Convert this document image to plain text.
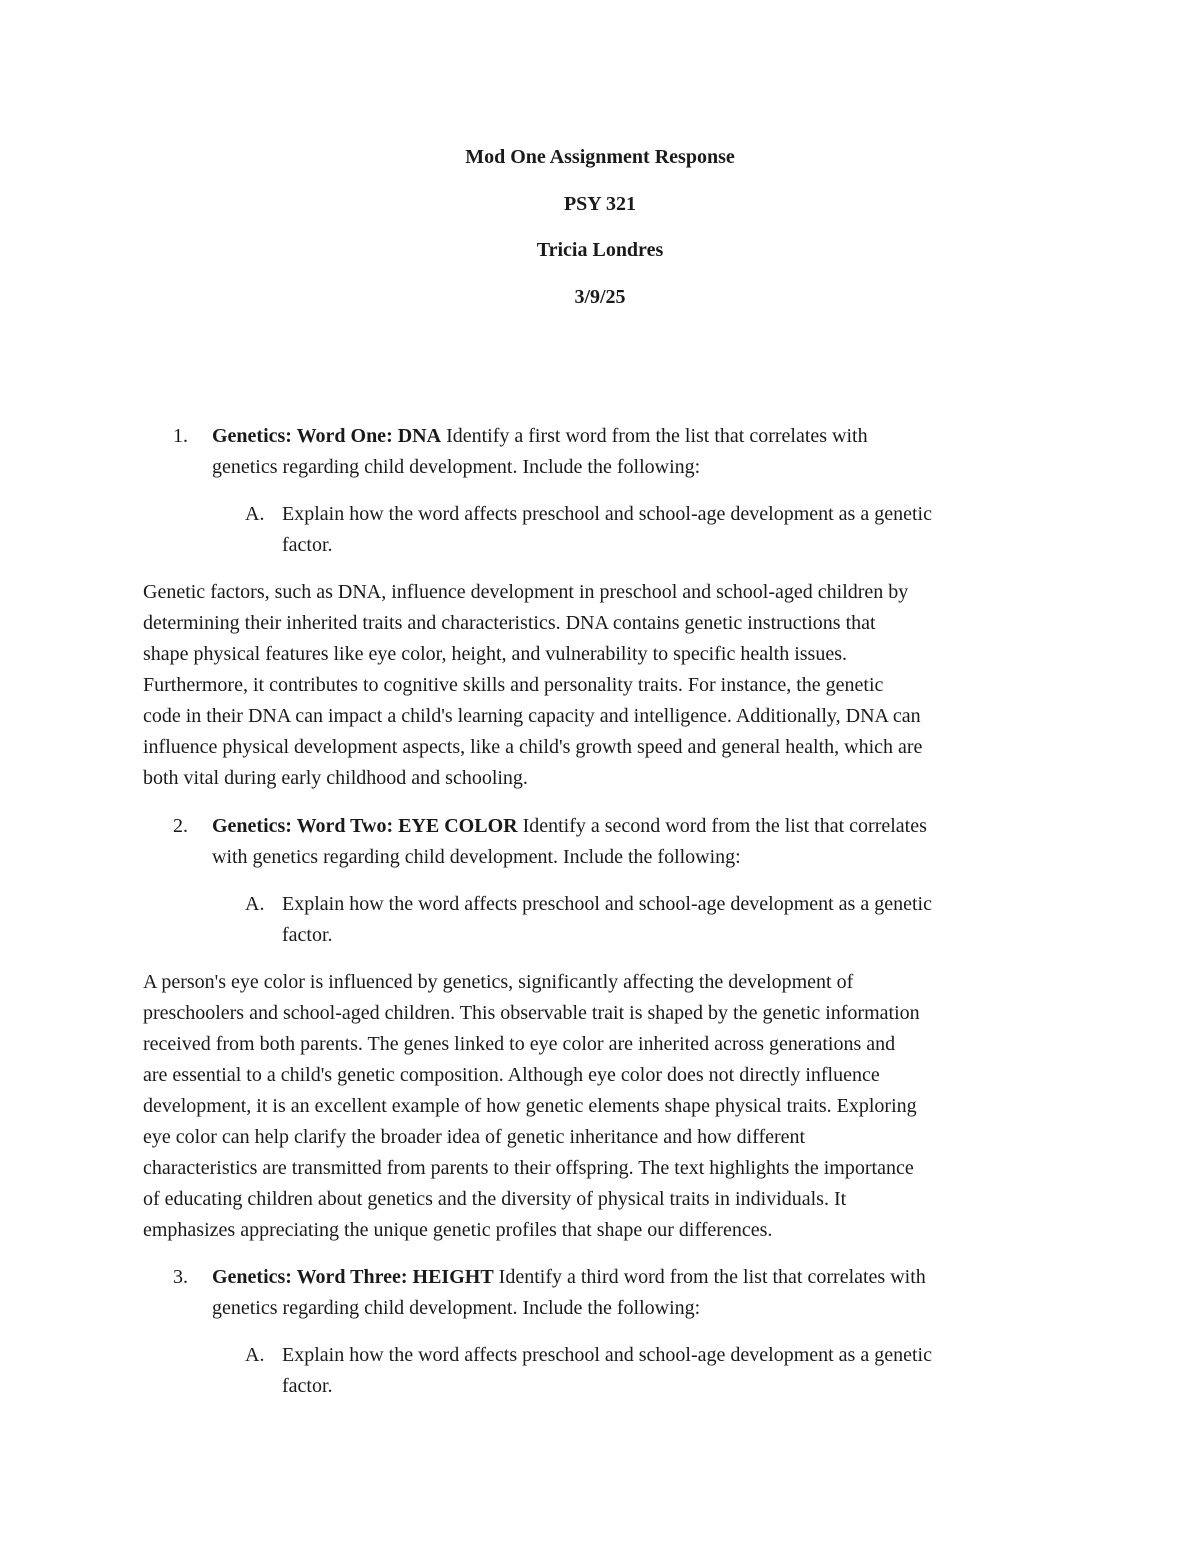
Mod One Assignment Response
PSY 321
Tricia Londres
3/9/25
1. Genetics: Word One: DNA Identify a first word from the list that correlates with
genetics regarding child development. Include the following:
A. Explain how the word affects preschool and school-age development as a genetic
factor.
Genetic factors, such as DNA, influence development in preschool and school-aged children by
determining their inherited traits and characteristics. DNA contains genetic instructions that
shape physical features like eye color, height, and vulnerability to specific health issues.
Furthermore, it contributes to cognitive skills and personality traits. For instance, the genetic
code in their DNA can impact a child's learning capacity and intelligence. Additionally, DNA can
influence physical development aspects, like a child's growth speed and general health, which are
both vital during early childhood and schooling.
2. Genetics: Word Two: EYE COLOR Identify a second word from the list that correlates
with genetics regarding child development. Include the following:
A. Explain how the word affects preschool and school-age development as a genetic
factor.
A person's eye color is influenced by genetics, significantly affecting the development of
preschoolers and school-aged children. This observable trait is shaped by the genetic information
received from both parents. The genes linked to eye color are inherited across generations and
are essential to a child's genetic composition. Although eye color does not directly influence
development, it is an excellent example of how genetic elements shape physical traits. Exploring
eye color can help clarify the broader idea of genetic inheritance and how different
characteristics are transmitted from parents to their offspring. The text highlights the importance
of educating children about genetics and the diversity of physical traits in individuals. It
emphasizes appreciating the unique genetic profiles that shape our differences.
3. Genetics: Word Three: HEIGHT Identify a third word from the list that correlates with
genetics regarding child development. Include the following:
A. Explain how the word affects preschool and school-age development as a genetic
factor.
